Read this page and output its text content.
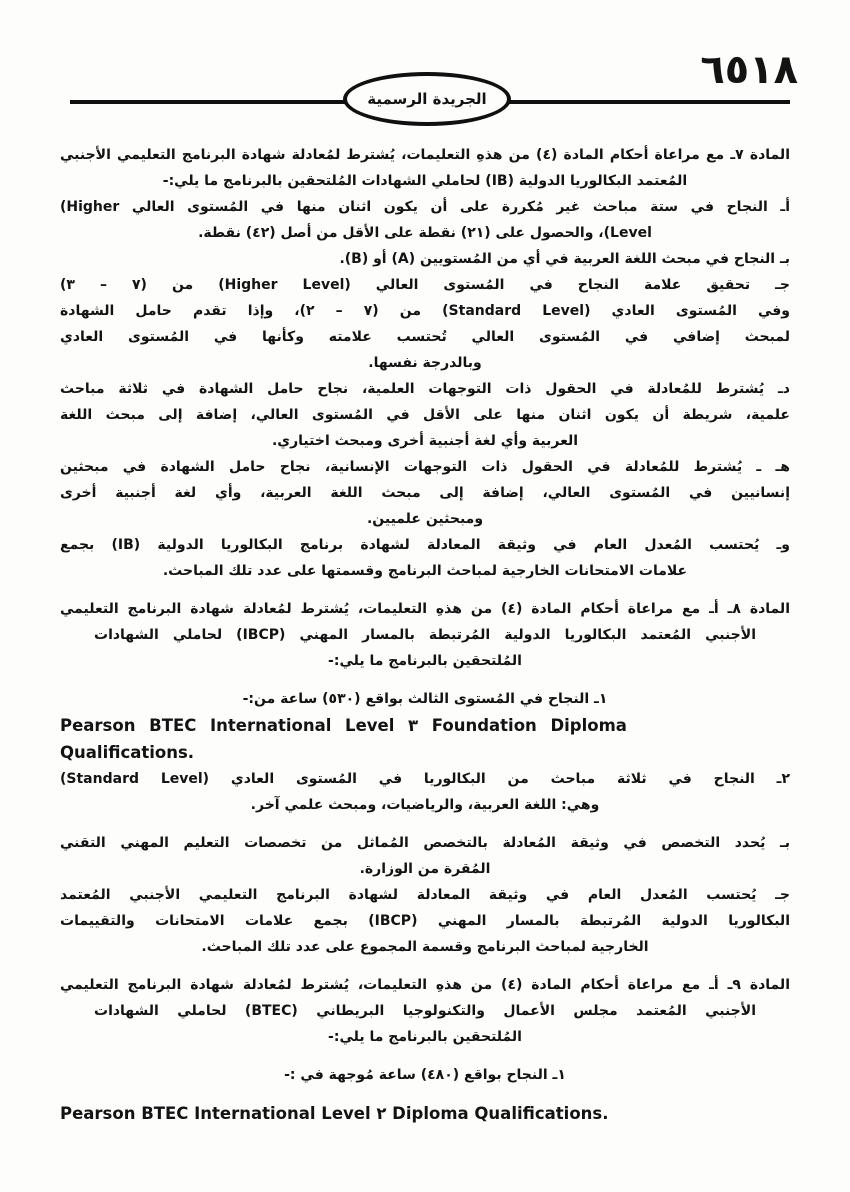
٦٥١٨
الجريدة الرسمية
المادة ٧ـ مع مراعاة أحكام المادة (٤) من هذهِ التعليمات، يُشترط لمُعادلة شهادة البرنامج التعليمي الأجنبي
المُعتمد البكالوريا الدولية (IB) لحاملي الشهادات المُلتحقين بالبرنامج ما يلي:-
أـ النجاح في ستة مباحث غير مُكررة على أن يكون اثنان منها في المُستوى العالي ‎(Higher
Level)، والحصول على (٢١) نقطة على الأقل من أصل (٤٢) نقطة.
بـ النجاح في مبحث اللغة العربية في أي من المُستويين (A) أو (B).
جـ تحقيق علامة النجاح في المُستوى العالي (Higher Level) من (٧ – ٣)
وفي المُستوى العادي (Standard Level) من (٧ – ٢)، وإذا تقدم حامل الشهادة
لمبحث إضافي في المُستوى العالي تُحتسب علامته وكأنها في المُستوى العادي
وبالدرجة نفسها.
دـ يُشترط للمُعادلة في الحقول ذات التوجهات العلمية، نجاح حامل الشهادة في ثلاثة مباحث
علمية، شريطة أن يكون اثنان منها على الأقل في المُستوى العالي، إضافة إلى مبحث اللغة
العربية وأي لغة أجنبية أخرى ومبحث اختياري.
هـ ـ يُشترط للمُعادلة في الحقول ذات التوجهات الإنسانية، نجاح حامل الشهادة في مبحثين
إنسانيين في المُستوى العالي، إضافة إلى مبحث اللغة العربية، وأي لغة أجنبية أخرى
ومبحثين علميين.
وـ يُحتسب المُعدل العام في وثيقة المعادلة لشهادة برنامج البكالوريا الدولية (IB) بجمع
علامات الامتحانات الخارجية لمباحث البرنامج وقسمتها على عدد تلك المباحث.
المادة ٨ـ أـ مع مراعاة أحكام المادة (٤) من هذهِ التعليمات، يُشترط لمُعادلة شهادة البرنامج التعليمي
الأجنبي المُعتمد البكالوريا الدولية المُرتبطة بالمسار المهني (IBCP) لحاملي الشهادات
المُلتحقين بالبرنامج ما يلي:-
١ـ النجاح في المُستوى الثالث بواقع (٥٣٠) ساعة من:-
Pearson BTEC International Level ٣ Foundation Diploma
Qualifications.
٢ـ النجاح في ثلاثة مباحث من البكالوريا في المُستوى العادي (Standard Level)
وهي: اللغة العربية، والرياضيات، ومبحث علمي آخر.
بـ يُحدد التخصص في وثيقة المُعادلة بالتخصص المُماثل من تخصصات التعليم المهني التقني
المُقرة من الوزارة.
جـ يُحتسب المُعدل العام في وثيقة المعادلة لشهادة البرنامج التعليمي الأجنبي المُعتمد
البكالوريا الدولية المُرتبطة بالمسار المهني (IBCP) بجمع علامات الامتحانات والتقييمات
الخارجية لمباحث البرنامج وقسمة المجموع على عدد تلك المباحث.
المادة ٩ـ أـ مع مراعاة أحكام المادة (٤) من هذهِ التعليمات، يُشترط لمُعادلة شهادة البرنامج التعليمي
الأجنبي المُعتمد مجلس الأعمال والتكنولوجيا البريطاني (BTEC) لحاملي الشهادات
المُلتحقين بالبرنامج ما يلي:-
١ـ النجاح بواقع (٤٨٠) ساعة مُوجهة في :-
Pearson BTEC International Level ٢ Diploma Qualifications.
